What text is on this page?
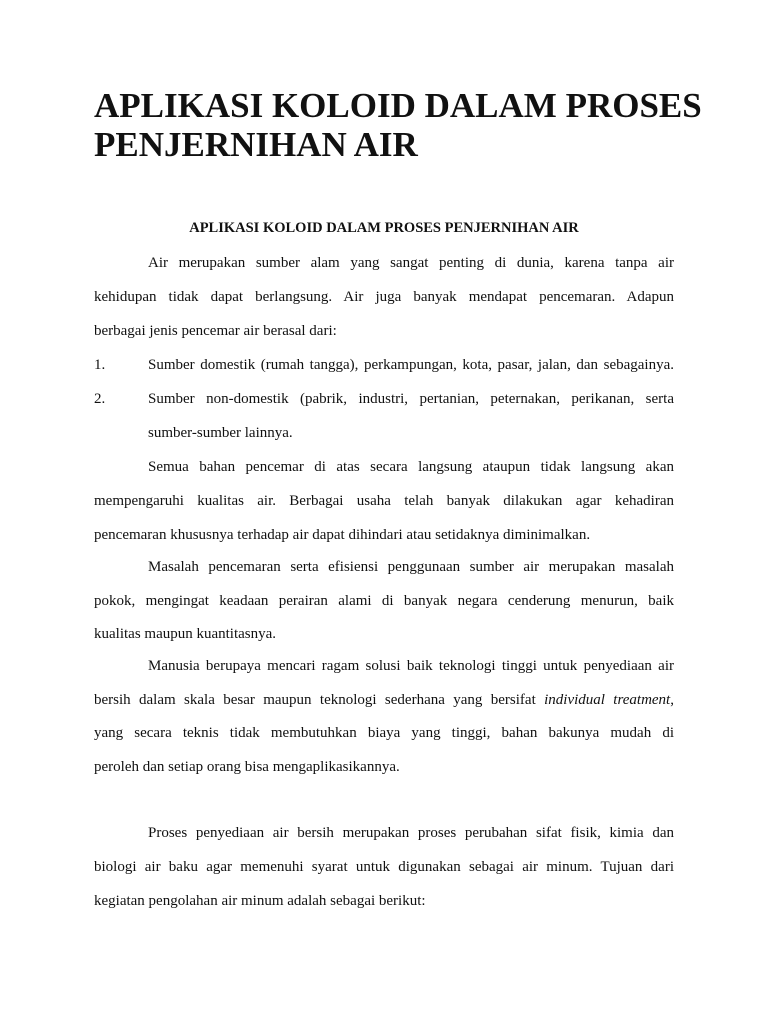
APLIKASI KOLOID DALAM PROSES
PENJERNIHAN AIR
APLIKASI KOLOID DALAM PROSES PENJERNIHAN AIR
Air merupakan sumber alam yang sangat penting di dunia, karena tanpa air
kehidupan tidak dapat berlangsung. Air juga banyak mendapat pencemaran. Adapun
berbagai jenis pencemar air berasal dari:
1.	Sumber domestik (rumah tangga), perkampungan, kota, pasar, jalan, dan sebagainya.
2.	Sumber non-domestik (pabrik, industri, pertanian, peternakan, perikanan, serta
sumber-sumber lainnya.
Semua bahan pencemar di atas secara langsung ataupun tidak langsung akan
mempengaruhi kualitas air. Berbagai usaha telah banyak dilakukan agar kehadiran
pencemaran khususnya terhadap air dapat dihindari atau setidaknya diminimalkan.
Masalah pencemaran serta efisiensi penggunaan sumber air merupakan masalah
pokok, mengingat keadaan perairan alami di banyak negara cenderung menurun, baik
kualitas maupun kuantitasnya.
Manusia berupaya mencari ragam solusi baik teknologi tinggi untuk penyediaan air
bersih dalam skala besar maupun teknologi sederhana yang bersifat individual treatment,
yang secara teknis tidak membutuhkan biaya yang tinggi, bahan bakunya mudah di
peroleh dan setiap orang bisa mengaplikasikannya.
Proses penyediaan air bersih merupakan proses perubahan sifat fisik, kimia dan
biologi air baku agar memenuhi syarat untuk digunakan sebagai air minum. Tujuan dari
kegiatan pengolahan air minum adalah sebagai berikut:
